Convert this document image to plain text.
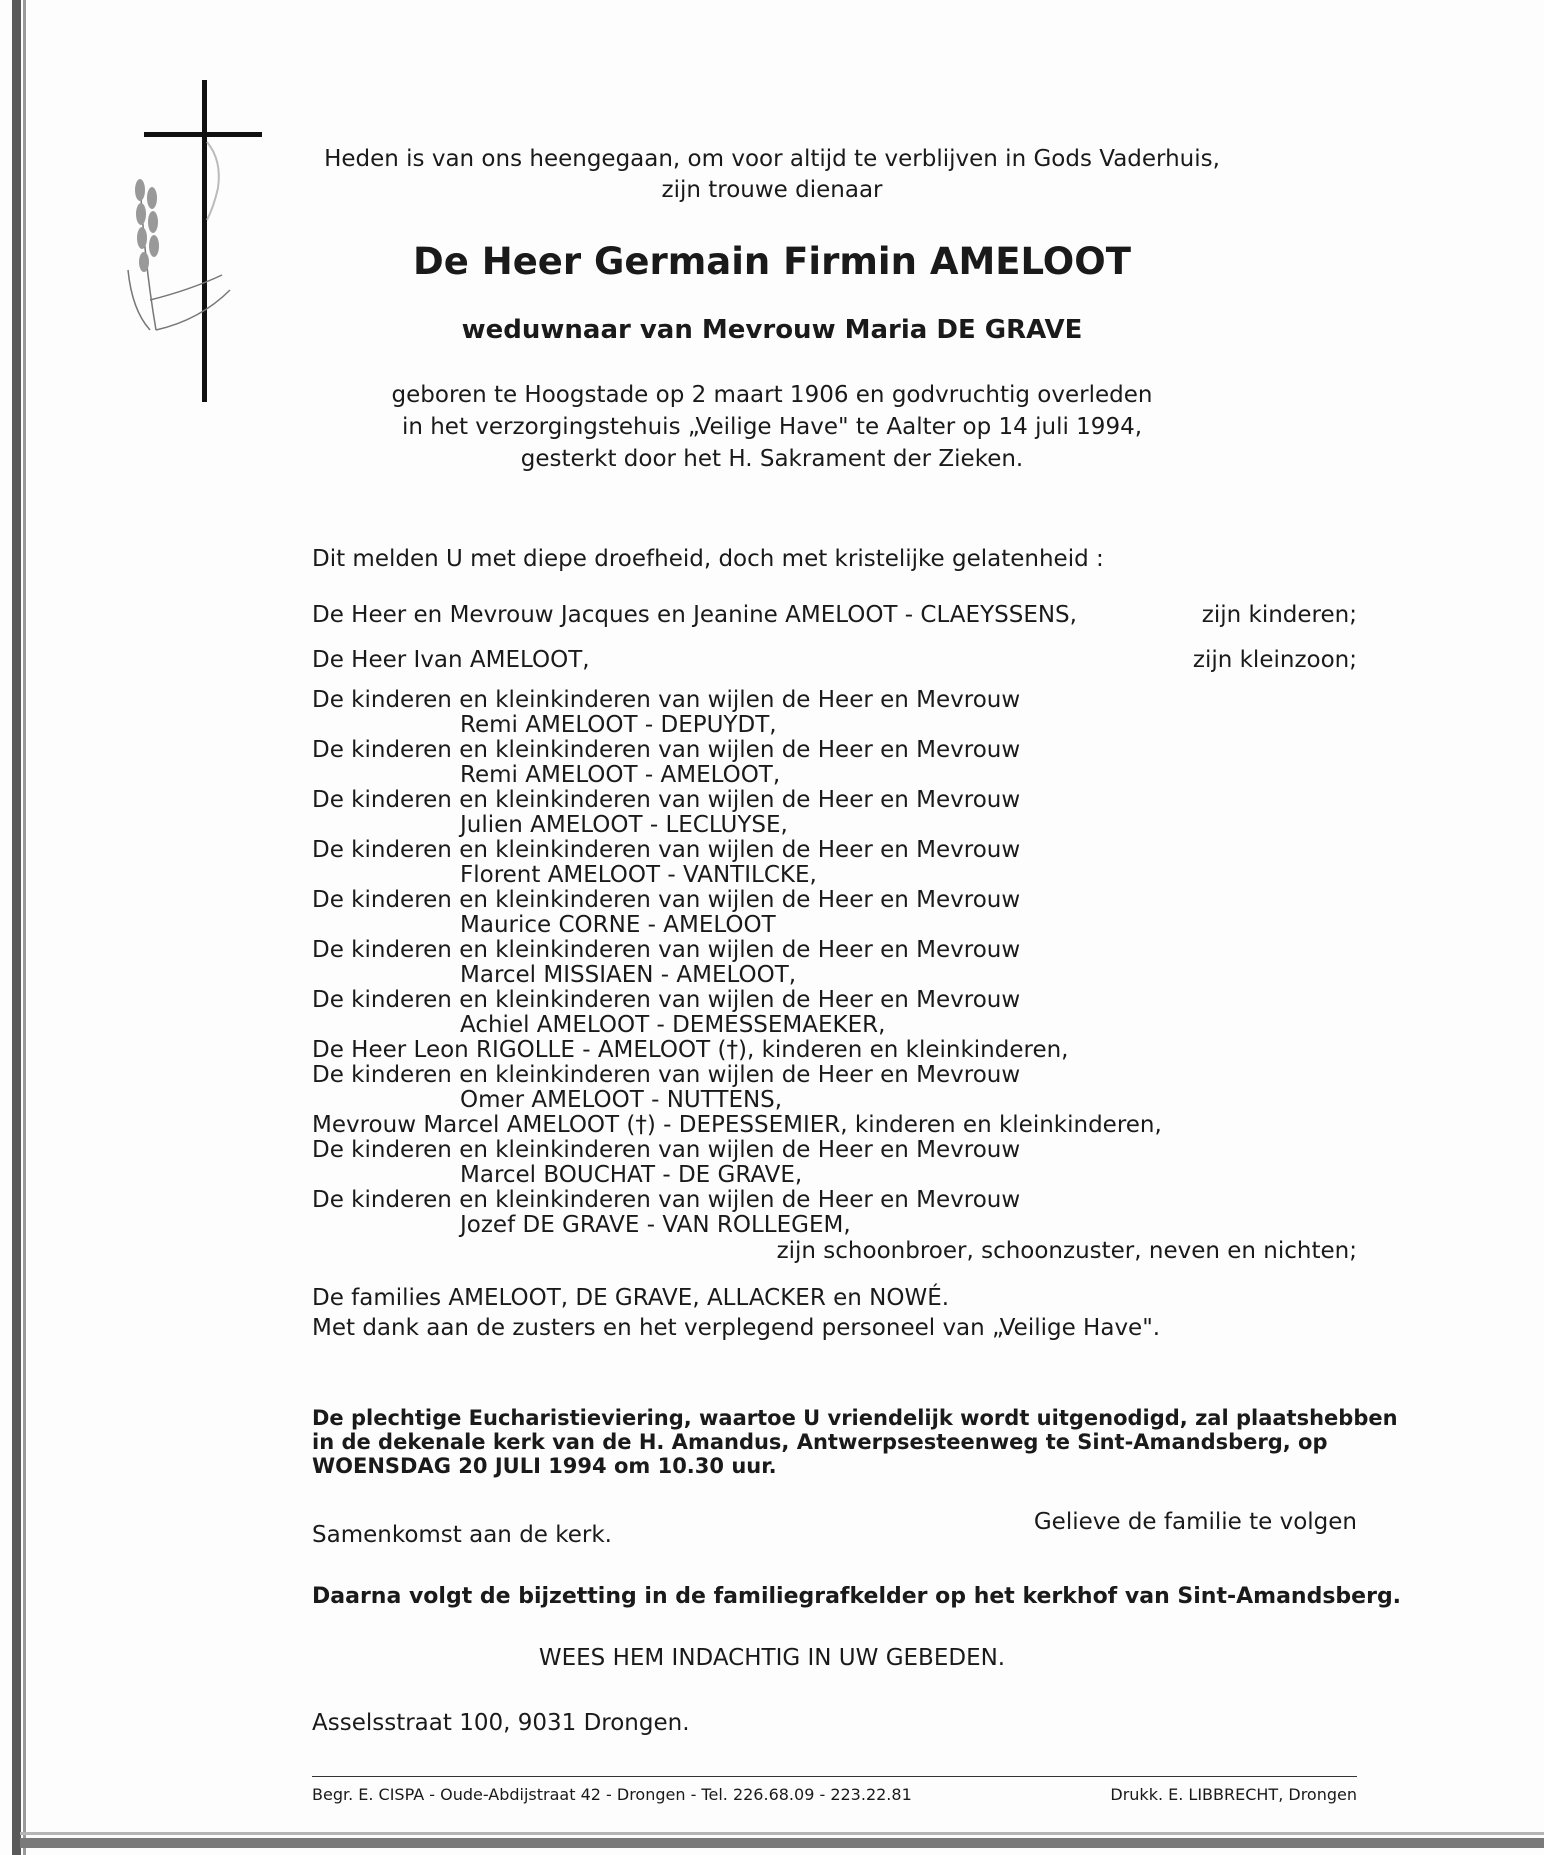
Heden is van ons heengegaan, om voor altijd te verblijven in Gods Vaderhuis,
zijn trouwe dienaar
De Heer Germain Firmin AMELOOT
weduwnaar van Mevrouw Maria DE GRAVE
geboren te Hoogstade op 2 maart 1906 en godvruchtig overleden
in het verzorgingstehuis „Veilige Have" te Aalter op 14 juli 1994,
gesterkt door het H. Sakrament der Zieken.
Dit melden U met diepe droefheid, doch met kristelijke gelatenheid :
De Heer en Mevrouw Jacques en Jeanine AMELOOT - CLAEYSSENS,	zijn kinderen;
De Heer Ivan AMELOOT,	zijn kleinzoon;
De kinderen en kleinkinderen van wijlen de Heer en Mevrouw
Remi AMELOOT - DEPUYDT,
De kinderen en kleinkinderen van wijlen de Heer en Mevrouw
Remi AMELOOT - AMELOOT,
De kinderen en kleinkinderen van wijlen de Heer en Mevrouw
Julien AMELOOT - LECLUYSE,
De kinderen en kleinkinderen van wijlen de Heer en Mevrouw
Florent AMELOOT - VANTILCKE,
De kinderen en kleinkinderen van wijlen de Heer en Mevrouw
Maurice CORNE - AMELOOT
De kinderen en kleinkinderen van wijlen de Heer en Mevrouw
Marcel MISSIAEN - AMELOOT,
De kinderen en kleinkinderen van wijlen de Heer en Mevrouw
Achiel AMELOOT - DEMESSEMAEKER,
De Heer Leon RIGOLLE - AMELOOT (†), kinderen en kleinkinderen,
De kinderen en kleinkinderen van wijlen de Heer en Mevrouw
Omer AMELOOT - NUTTENS,
Mevrouw Marcel AMELOOT (†) - DEPESSEMIER, kinderen en kleinkinderen,
De kinderen en kleinkinderen van wijlen de Heer en Mevrouw
Marcel BOUCHAT - DE GRAVE,
De kinderen en kleinkinderen van wijlen de Heer en Mevrouw
Jozef DE GRAVE - VAN ROLLEGEM,
zijn schoonbroer, schoonzuster, neven en nichten;
De families AMELOOT, DE GRAVE, ALLACKER en NOWÉ.
Met dank aan de zusters en het verplegend personeel van „Veilige Have".
De plechtige Eucharistieviering, waartoe U vriendelijk wordt uitgenodigd, zal plaatshebben
in de dekenale kerk van de H. Amandus, Antwerpsesteenweg te Sint-Amandsberg, op
WOENSDAG 20 JULI 1994 om 10.30 uur.
Samenkomst aan de kerk.	Gelieve de familie te volgen
Daarna volgt de bijzetting in de familiegrafkelder op het kerkhof van Sint-Amandsberg.
WEES HEM INDACHTIG IN UW GEBEDEN.
Asselsstraat 100, 9031 Drongen.
Begr. E. CISPA - Oude-Abdijstraat 42 - Drongen - Tel. 226.68.09 - 223.22.81	Drukk. E. LIBBRECHT, Drongen
